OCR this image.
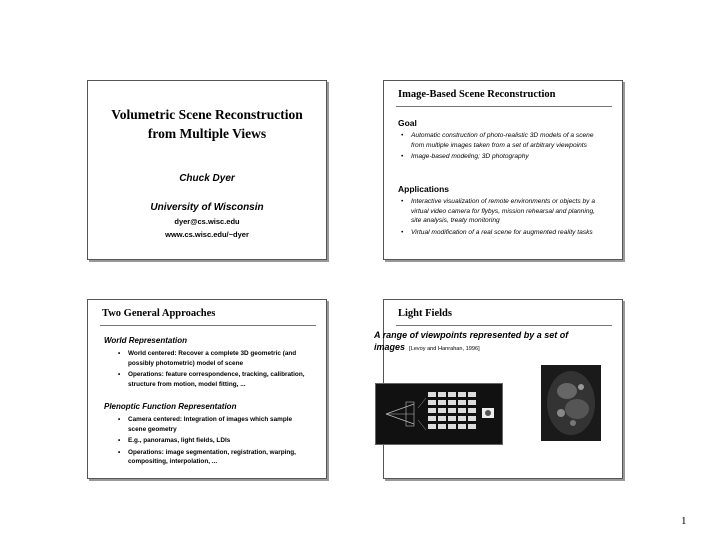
Volumetric Scene Reconstruction
from Multiple Views
Chuck Dyer
University of Wisconsin
dyer@cs.wisc.edu
www.cs.wisc.edu/~dyer
Image-Based Scene Reconstruction
Goal
• Automatic construction of photo-realistic 3D models of a scene from multiple images taken from a set of arbitrary viewpoints
• Image-based modeling; 3D photography
Applications
• Interactive visualization of remote environments or objects by a virtual video camera for flybys, mission rehearsal and planning, site analysis, treaty monitoring
• Virtual modification of a real scene for augmented reality tasks
Two General Approaches
World Representation
• World centered: Recover a complete 3D geometric (and possibly photometric) model of scene
• Operations: feature correspondence, tracking, calibration, structure from motion, model fitting, ...
Plenoptic Function Representation
• Camera centered: Integration of images which sample scene geometry
• E.g., panoramas, light fields, LDIs
• Operations: image segmentation, registration, warping, compositing, interpolation, ...
Light Fields
A range of viewpoints represented by a set of images [Levoy and Hanrahan, 1996]
1
